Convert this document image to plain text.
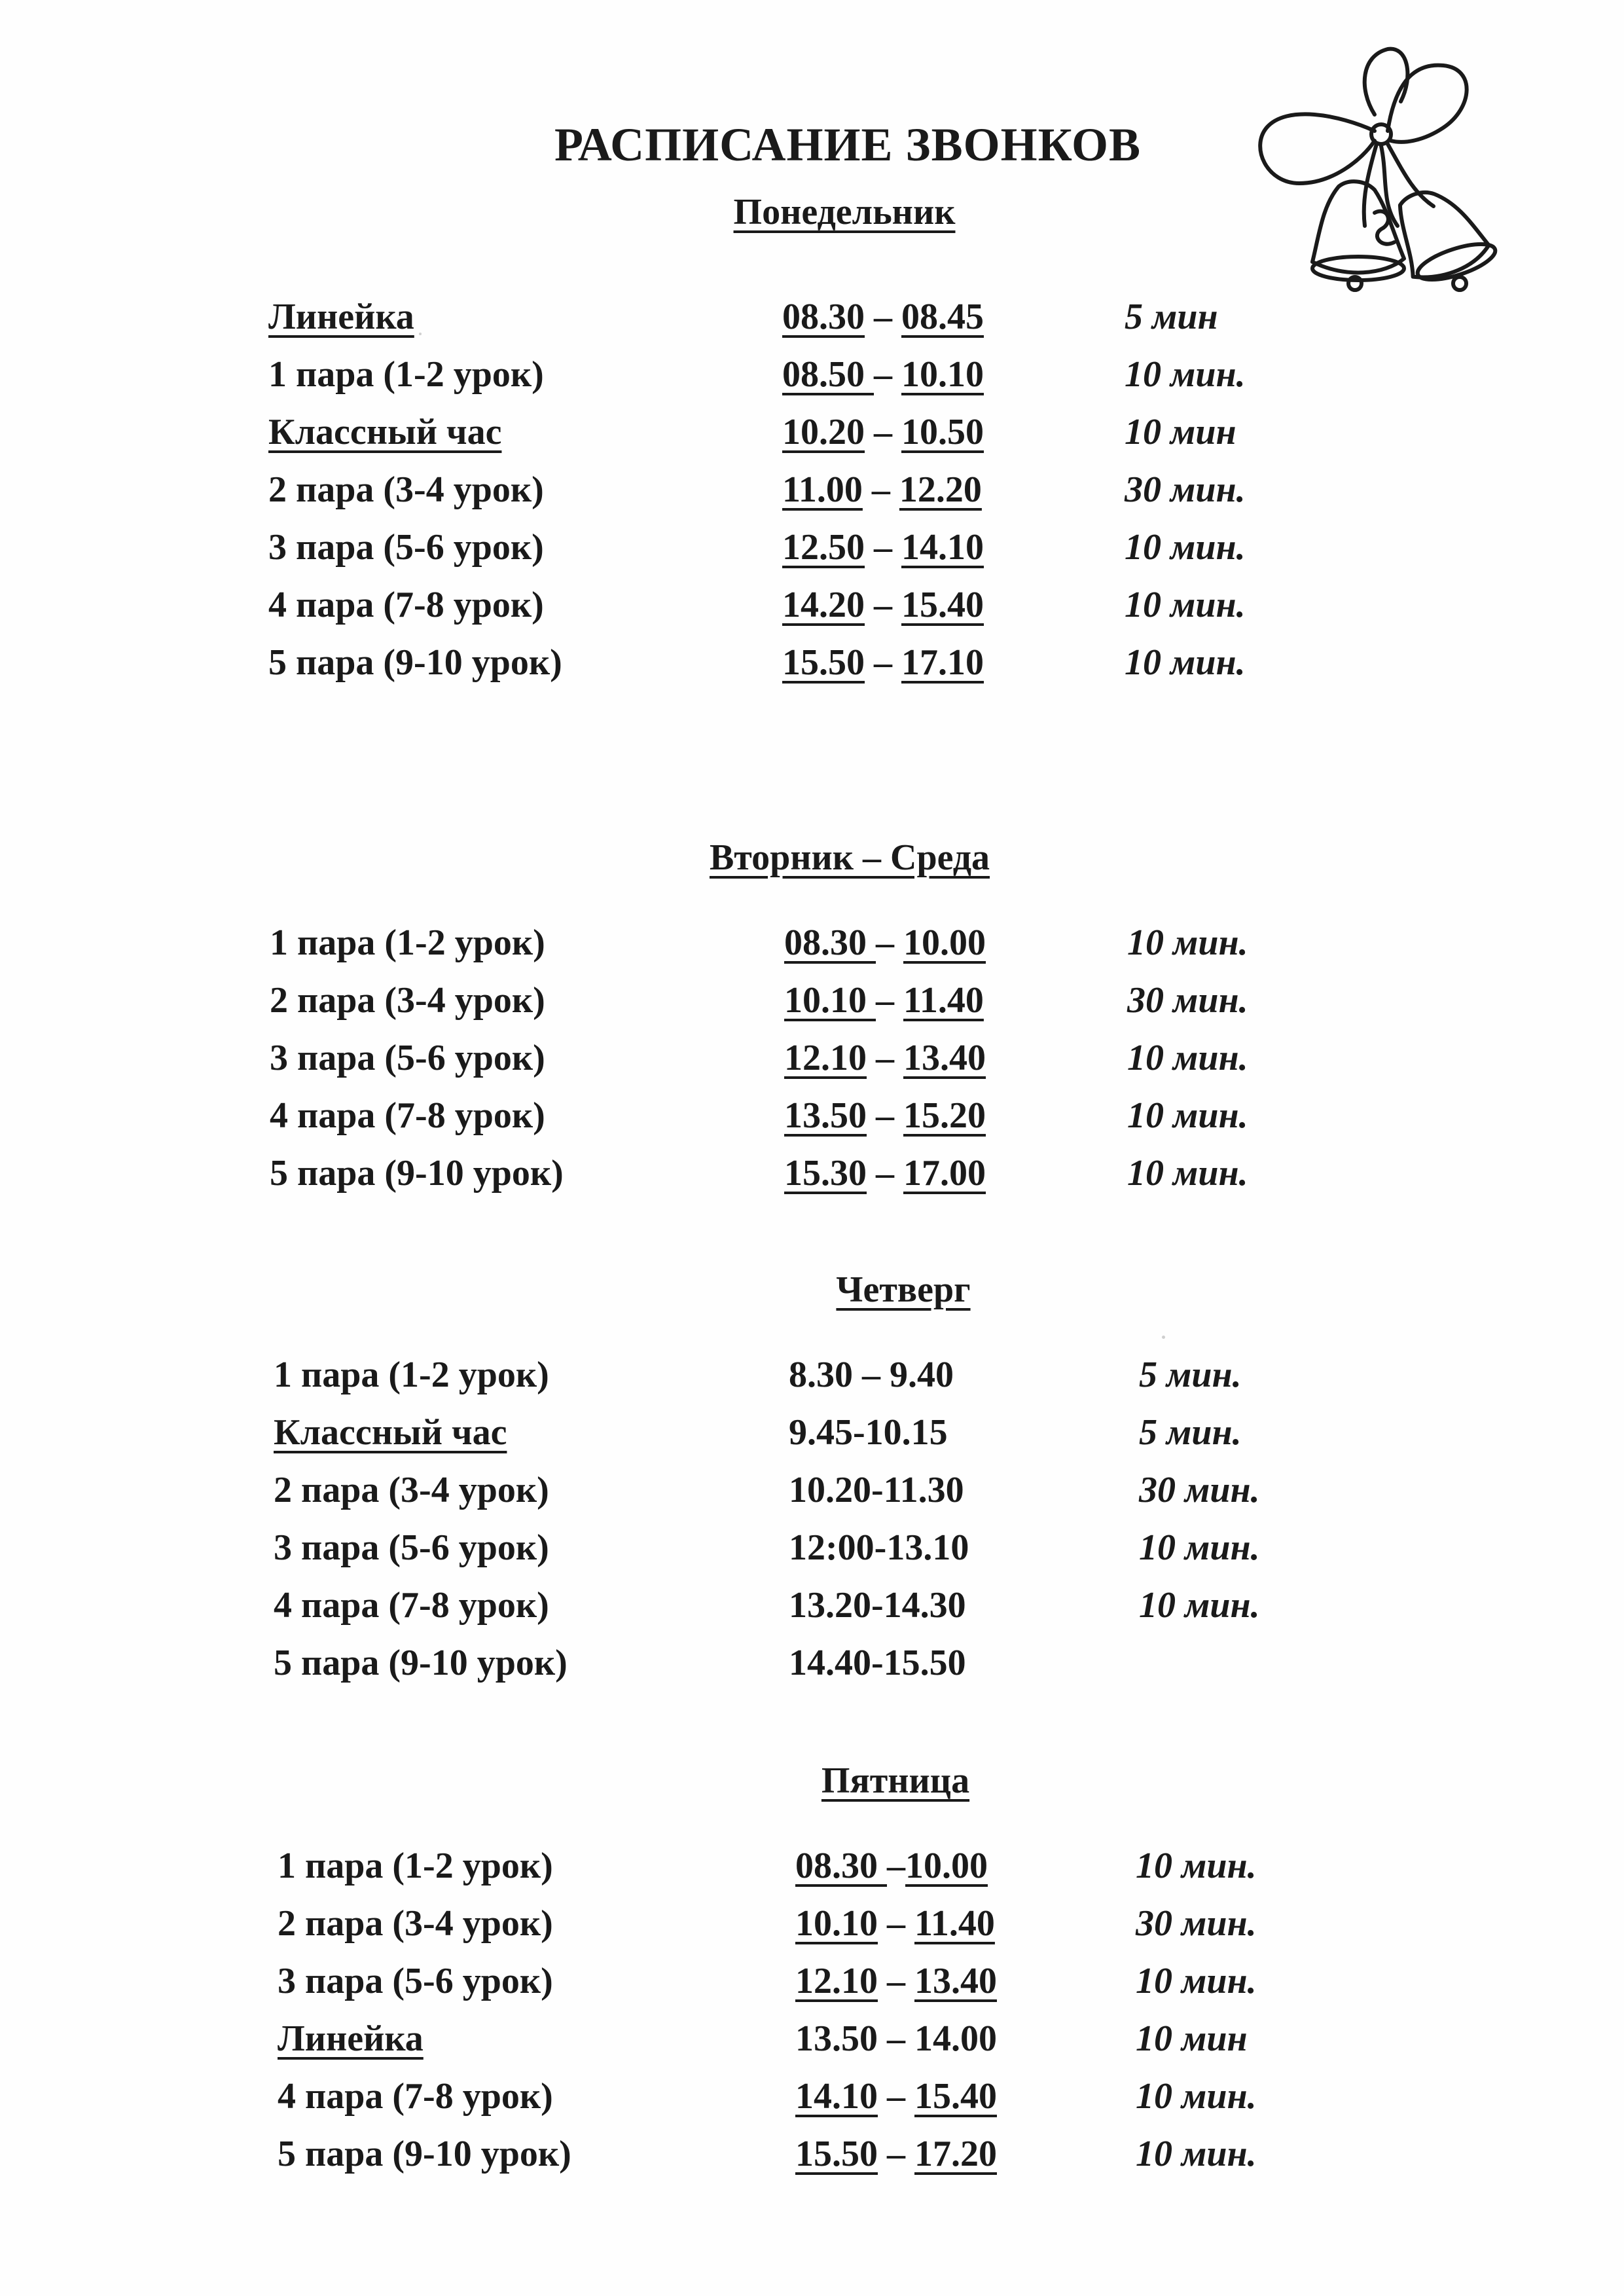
РАСПИСАНИЕ ЗВОНКОВ
Понедельник
Линейка	08.30 – 08.45	5 мин
1 пара (1-2 урок)	08.50 – 10.10	10 мин.
Классный час	10.20 – 10.50	10 мин
2 пара (3-4 урок)	11.00 – 12.20	30 мин.
3 пара (5-6 урок)	12.50 – 14.10	10 мин.
4 пара (7-8 урок)	14.20 – 15.40	10 мин.
5 пара (9-10 урок)	15.50 – 17.10	10 мин.
Вторник – Среда
1 пара (1-2 урок)	08.30 – 10.00	10 мин.
2 пара (3-4 урок)	10.10 – 11.40	30 мин.
3 пара (5-6 урок)	12.10 – 13.40	10 мин.
4 пара (7-8 урок)	13.50 – 15.20	10 мин.
5 пара (9-10 урок)	15.30 – 17.00	10 мин.
Четверг
1 пара (1-2 урок)	8.30 – 9.40	5 мин.
Классный час	9.45-10.15	5 мин.
2 пара (3-4 урок)	10.20-11.30	30 мин.
3 пара (5-6 урок)	12:00-13.10	10 мин.
4 пара (7-8 урок)	13.20-14.30	10 мин.
5 пара (9-10 урок)	14.40-15.50
Пятница
1 пара (1-2 урок)	08.30 –10.00	10 мин.
2 пара (3-4 урок)	10.10 – 11.40	30 мин.
3 пара (5-6 урок)	12.10 – 13.40	10 мин.
Линейка	13.50 – 14.00	10 мин
4 пара (7-8 урок)	14.10 – 15.40	10 мин.
5 пара (9-10 урок)	15.50 – 17.20	10 мин.
